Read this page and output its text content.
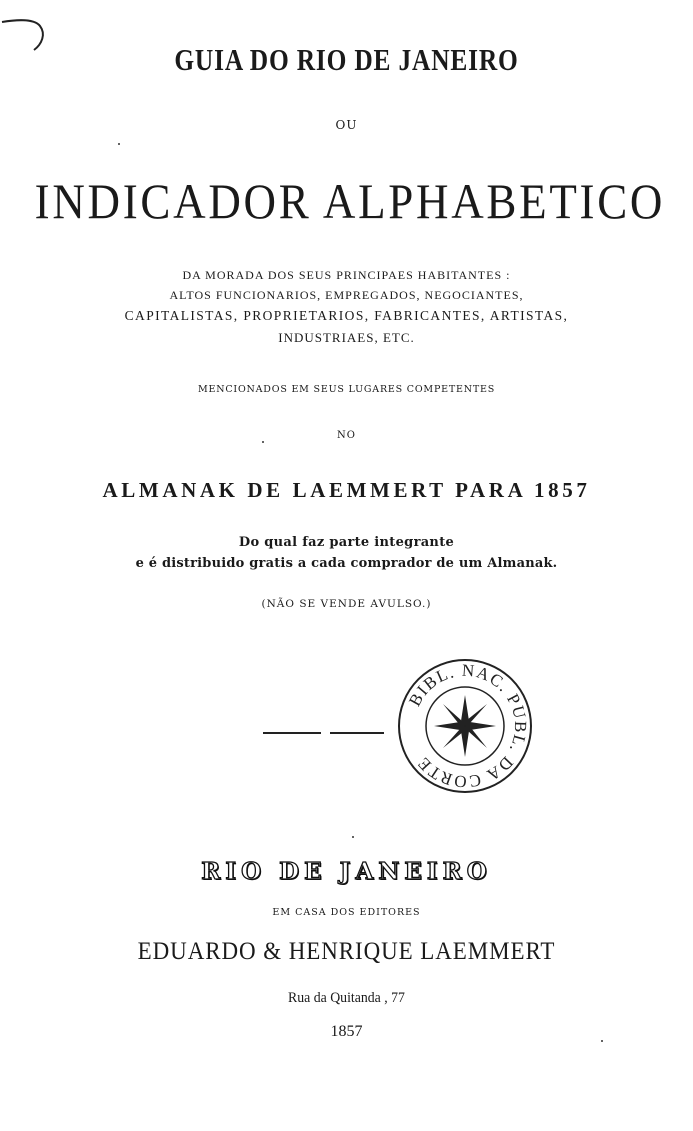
GUIA DO RIO DE JANEIRO
OU
INDICADOR ALPHABETICO
DA MORADA DOS SEUS PRINCIPAES HABITANTES :
ALTOS FUNCIONARIOS, EMPREGADOS, NEGOCIANTES,
CAPITALISTAS, PROPRIETARIOS, FABRICANTES, ARTISTAS,
INDUSTRIAES, ETC.
MENCIONADOS EM SEUS LUGARES COMPETENTES
NO
ALMANAK DE LAEMMERT PARA 1857
Do qual faz parte integrante
e é distribuido gratis a cada comprador de um Almanak.
(NÃO SE VENDE AVULSO.)
BIBL. NAC. PUBL. DA CORTE
RIO DE JANEIRO
EM CASA DOS EDITORES
EDUARDO & HENRIQUE LAEMMERT
Rua da Quitanda , 77
1857
